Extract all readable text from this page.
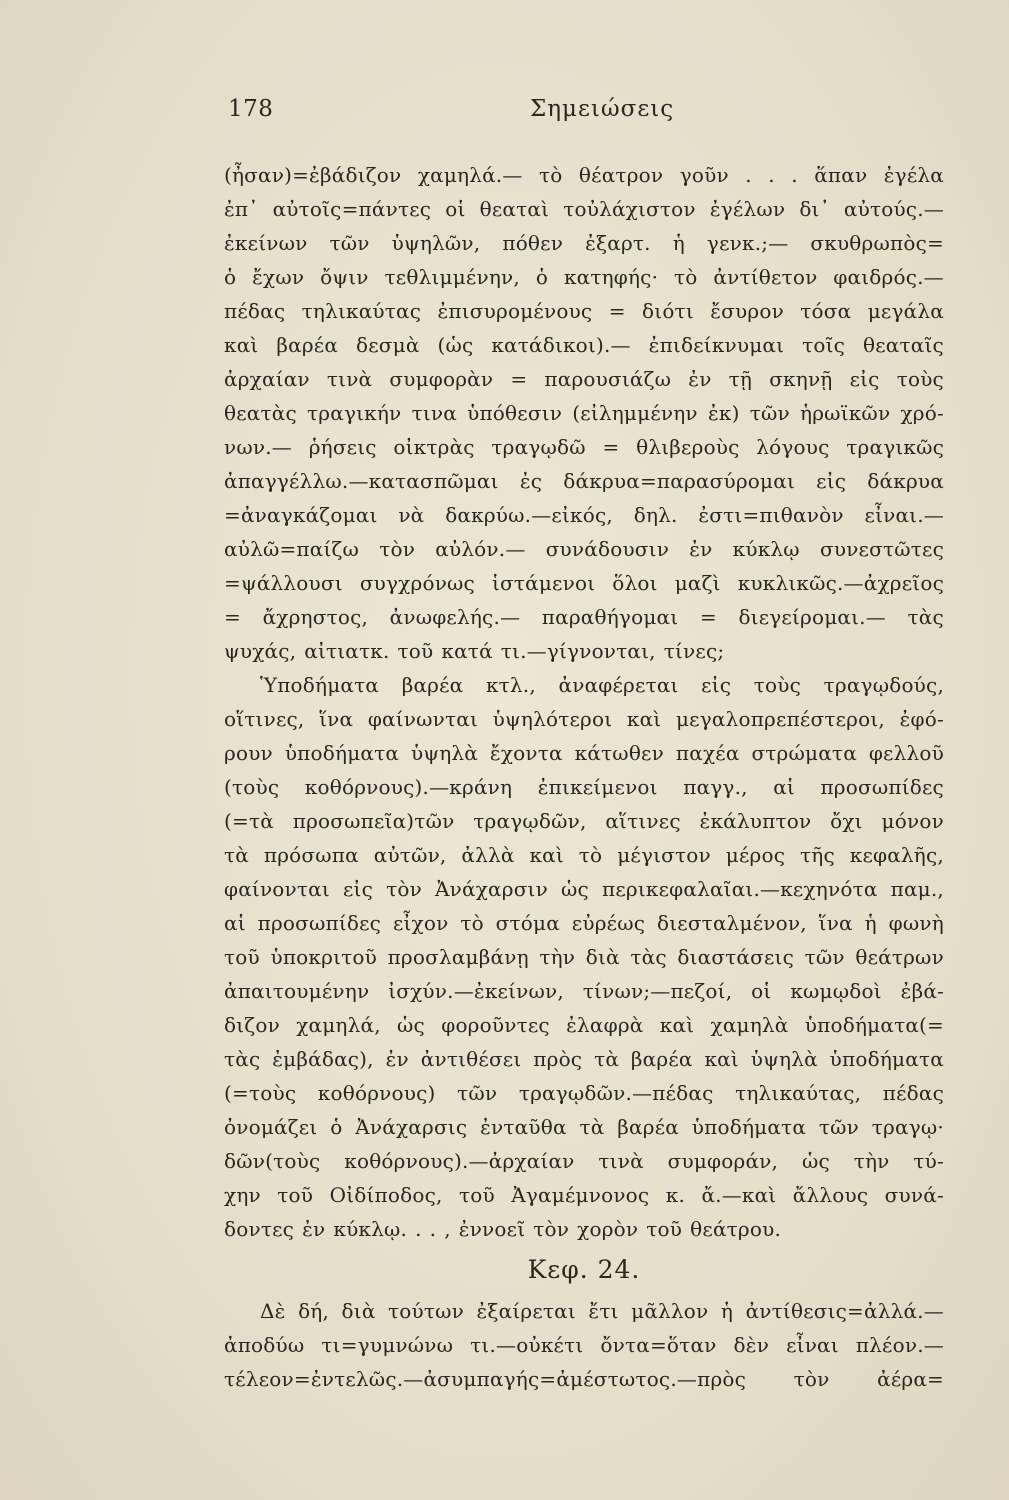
178	Σημειώσεις
(ἦσαν)=ἐβάδιζον χαμηλά.— τὸ θέατρον γοῦν . . . ἅπαν ἐγέλα
ἐπ᾿ αὐτοῖς=πάντες οἱ θεαταὶ τοὐλάχιστον ἐγέλων δι᾿ αὐτούς.—
ἐκείνων τῶν ὑψηλῶν, πόθεν ἐξαρτ. ἡ γενκ.;— σκυθρωπὸς=
ὁ ἔχων ὄψιν τεθλιμμένην, ὁ κατηφής· τὸ ἀντίθετον φαιδρός.—
πέδας τηλικαύτας ἐπισυρομένους = διότι ἔσυρον τόσα μεγάλα
καὶ βαρέα δεσμὰ (ὡς κατάδικοι).— ἐπιδείκνυμαι τοῖς θεαταῖς
ἀρχαίαν τινὰ συμφορὰν = παρουσιάζω ἐν τῇ σκηνῇ εἰς τοὺς
θεατὰς τραγικήν τινα ὑπόθεσιν (εἰλημμένην ἐκ) τῶν ἡρωϊκῶν χρό-
νων.— ῥήσεις οἰκτρὰς τραγῳδῶ = θλιβεροὺς λόγους τραγικῶς
ἀπαγγέλλω.—κατασπῶμαι ἐς δάκρυα=παρασύρομαι εἰς δάκρυα
=ἀναγκάζομαι νὰ δακρύω.—εἰκός, δηλ. ἐστι=πιθανὸν εἶναι.—
αὐλῶ=παίζω τὸν αὐλόν.— συνάδουσιν ἐν κύκλῳ συνεστῶτες
=ψάλλουσι συγχρόνως ἱστάμενοι ὅλοι μαζὶ κυκλικῶς.—ἀχρεῖος
= ἄχρηστος, ἀνωφελής.— παραθήγομαι = διεγείρομαι.— τὰς
ψυχάς, αἰτιατκ. τοῦ κατά τι.—γίγνονται, τίνες;
Ὑποδήματα βαρέα κτλ., ἀναφέρεται εἰς τοὺς τραγῳδούς,
οἵτινες, ἵνα φαίνωνται ὑψηλότεροι καὶ μεγαλοπρεπέστεροι, ἐφό-
ρουν ὑποδήματα ὑψηλὰ ἔχοντα κάτωθεν παχέα στρώματα φελλοῦ
(τοὺς κοθόρνους).—κράνη ἐπικείμενοι παγγ., αἱ προσωπίδες
(=τὰ προσωπεῖα)τῶν τραγῳδῶν, αἵτινες ἐκάλυπτον ὄχι μόνον
τὰ πρόσωπα αὐτῶν, ἀλλὰ καὶ τὸ μέγιστον μέρος τῆς κεφαλῆς,
φαίνονται εἰς τὸν Ἀνάχαρσιν ὡς περικεφαλαῖαι.—κεχηνότα παμ.,
αἱ προσωπίδες εἶχον τὸ στόμα εὐρέως διεσταλμένον, ἵνα ἡ φωνὴ
τοῦ ὑποκριτοῦ προσλαμβάνῃ τὴν διὰ τὰς διαστάσεις τῶν θεάτρων
ἀπαιτουμένην ἰσχύν.—ἐκείνων, τίνων;—πεζοί, οἱ κωμῳδοὶ ἐβά-
διζον χαμηλά, ὡς φοροῦντες ἐλαφρὰ καὶ χαμηλὰ ὑποδήματα(=
τὰς ἐμβάδας), ἐν ἀντιθέσει πρὸς τὰ βαρέα καὶ ὑψηλὰ ὑποδήματα
(=τοὺς κοθόρνους) τῶν τραγῳδῶν.—πέδας τηλικαύτας, πέδας
ὀνομάζει ὁ Ἀνάχαρσις ἐνταῦθα τὰ βαρέα ὑποδήματα τῶν τραγῳ·
δῶν(τοὺς κοθόρνους).—ἀρχαίαν τινὰ συμφοράν, ὡς τὴν τύ-
χην τοῦ Οἰδίποδος, τοῦ Ἀγαμέμνονος κ. ἄ.—καὶ ἄλλους συνά-
δοντες ἐν κύκλῳ. . . , ἐννοεῖ τὸν χορὸν τοῦ θεάτρου.
Κεφ. 24.
Δὲ δή, διὰ τούτων ἐξαίρεται ἔτι μᾶλλον ἡ ἀντίθεσις=ἀλλά.—
ἀποδύω τι=γυμνώνω τι.—οὐκέτι ὄντα=ὅταν δὲν εἶναι πλέον.—
τέλεον=ἐντελῶς.—ἀσυμπαγής=ἀμέστωτος.—πρὸς τὸν ἀέρα=
